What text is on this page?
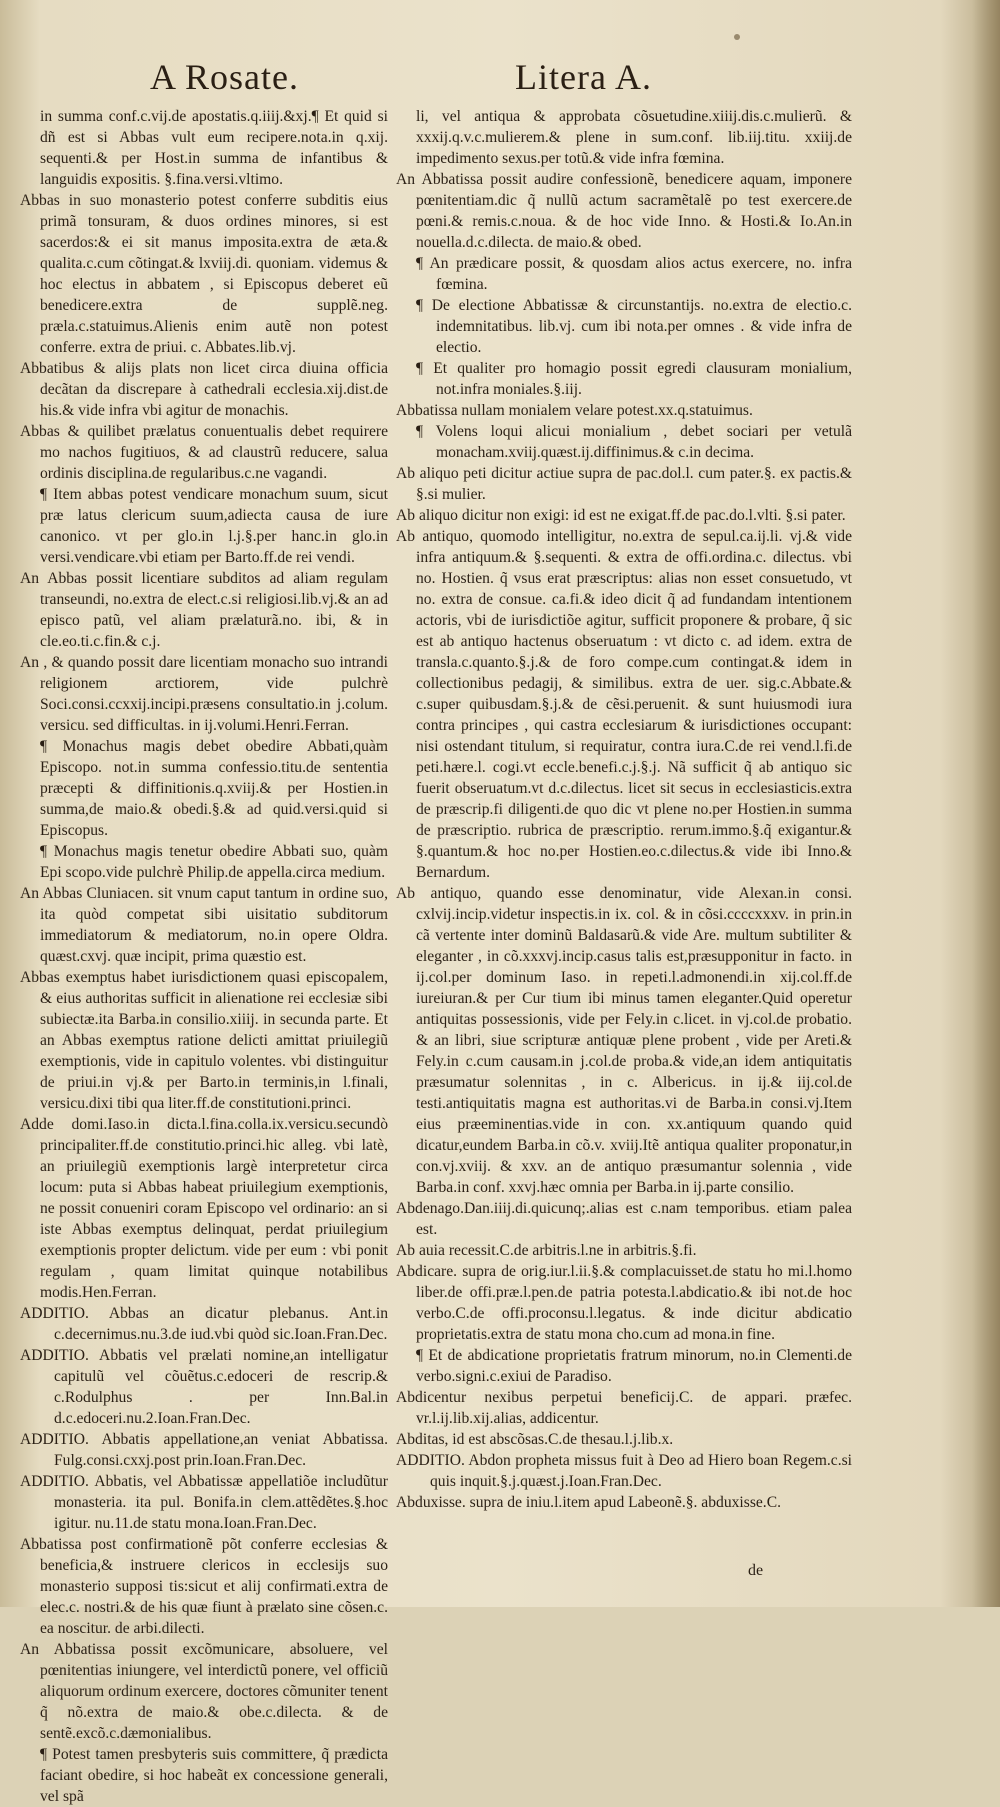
A Rosate.	Litera A.

in summa conf.c.vij.de apostatis.q.iiij.&xj.¶ Et quid si dñ est si Abbas vult eum recipere.nota.in q.xij. sequenti.& per Host.in summa de infantibus & languidis expositis. §.fina.versi.vltimo.

Abbas in suo monasterio potest conferre subditis eius primã tonsuram, & duos ordines minores, si est sacerdos:& ei sit manus imposita.extra de ætа.& qualita.c.cum cõtingat.& lxviij.di. quoniam. videmus & hoc electus in abbatem , si Episcopus deberet eũ benedicere.extra de supplẽ.neg. præla.c.statuimus.Alienis enim autẽ non potest conferre. extra de priui. c. Abbates.lib.vj.

Abbatibus & alijs plats non licet circa diuina officia decãtan da discrepare à cathedrali ecclesia.xij.dist.de his.& vide infra vbi agitur de monachis.

Abbas & quilibet prælatus conuentualis debet requirere mo nachos fugitiuos, & ad claustrũ reducere, salua ordinis disciplina.de regularibus.c.ne vagandi.

¶ Item abbas potest vendicare monachum suum, sicut præ latus clericum suum,adiecta causa de iure canonico. vt per glo.in l.j.§.per hanc.in glo.in versi.vendicare.vbi etiam per Barto.ff.de rei vendi.

An Abbas possit licentiare subditos ad aliam regulam transeundi, no.extra de elect.c.si religiosi.lib.vj.& an ad episco patũ, vel aliam prælaturã.no. ibi, & in cle.eo.ti.c.fin.& c.j.

An , & quando possit dare licentiam monacho suo intrandi religionem arctiorem, vide pulchrè Soci.consi.ccxxij.incipi.præsens consultatio.in j.colum. versicu. sed difficultas. in ij.volumi.Henri.Ferran.

¶ Monachus magis debet obedire Abbati,quàm Episcopo. not.in summa confessio.titu.de sententia præcepti & diffinitionis.q.xviij.& per Hostien.in summa,de maio.& obedi.§.& ad quid.versi.quid si Episcopus.

¶ Monachus magis tenetur obedire Abbati suo, quàm Epi scopo.vide pulchrè Philip.de appella.circa medium.

An Abbas Cluniacen. sit vnum caput tantum in ordine suo, ita quòd competat sibi uisitatio subditorum immediatorum & mediatorum, no.in opere Oldra. quæst.cxvj. quæ incipit, prima quæstio est.

Abbas exemptus habet iurisdictionem quasi episcopalem, & eius authoritas sufficit in alienatione rei ecclesiæ sibi subiectæ.ita Barba.in consilio.xiiij. in secunda parte. Et an Abbas exemptus ratione delicti amittat priuilegiũ exemptionis, vide in capitulo volentes. vbi distinguitur de priui.in vj.& per Barto.in terminis,in l.finali, versicu.dixi tibi qua liter.ff.de constitutioni.princi.

Adde domi.Iaso.in dicta.l.fina.colla.ix.versicu.secundò principaliter.ff.de constitutio.princi.hic alleg. vbi latè, an priuilegiũ exemptionis largè interpretetur circa locum: puta si Abbas habeat priuilegium exemptionis, ne possit conueniri coram Episcopo vel ordinario: an si iste Abbas exemptus delinquat, perdat priuilegium exemptionis propter delictum. vide per eum : vbi ponit regulam , quam limitat quinque notabilibus modis.Hen.Ferran.

ADDITIO. Abbas an dicatur plebanus. Ant.in c.decernimus.nu.3.de iud.vbi quòd sic.Ioan.Fran.Dec.

ADDITIO. Abbatis vel prælati nomine,an intelligatur capitulũ vel cõuẽtus.c.edoceri de rescrip.& c.Rodulphus . per Inn.Bal.in d.c.edoceri.nu.2.Ioan.Fran.Dec.

ADDITIO. Abbatis appellatione,an veniat Abbatissa. Fulg.consi.cxxj.post prin.Ioan.Fran.Dec.

ADDITIO. Abbatis, vel Abbatissæ appellatiõe includũtur monasteria. ita pul. Bonifa.in clem.attẽdẽtes.§.hoc igitur. nu.11.de statu mona.Ioan.Fran.Dec.

Abbatissa post confirmationẽ põt conferre ecclesias & beneficia,& instruere clericos in ecclesijs suo monasterio supposi tis:sicut et alij confirmati.extra de elec.c. nostri.& de his quæ fiunt à prælato sine cõsen.c. ea noscitur. de arbi.dilecti.

An Abbatissa possit excõmunicare, absoluere, vel pœnitentias iniungere, vel interdictũ ponere, vel officiũ aliquorum ordinum exercere, doctores cõmuniter tenent q̃ nõ.extra de maio.& obe.c.dilecta. & de sentẽ.excõ.c.dæmonialibus.

¶ Potest tamen presbyteris suis committere, q̃ prædicta faciant obedire, si hoc habeãt ex concessione generali, vel spã

li, vel antiqua & approbata cõsuetudine.xiiij.dis.c.mulierũ. & xxxij.q.v.c.mulierem.& plene in sum.conf. lib.iij.titu. xxiij.de impedimento sexus.per totũ.& vide infra fœmina.

An Abbatissa possit audire confessionẽ, benedicere aquam, imponere pœnitentiam.dic q̃ nullũ actum sacramẽtalẽ po test exercere.de pœni.& remis.c.noua. & de hoc vide Inno. & Hosti.& Io.An.in nouella.d.c.dilecta. de maio.& obed.

¶ An prædicare possit, & quosdam alios actus exercere, no. infra fœmina.

¶ De electione Abbatissæ & circunstantijs. no.extra de electio.c. indemnitatibus. lib.vj. cum ibi nota.per omnes . & vide infra de electio.

¶ Et qualiter pro homagio possit egredi clausuram monialium, not.infra moniales.§.iij.

Abbatissa nullam monialem velare potest.xx.q.statuimus.

¶ Volens loqui alicui monialium , debet sociari per vetulã monacham.xviij.quæst.ij.diffinimus.& c.in decima.

Ab aliquo peti dicitur actiue supra de pac.dol.l. cum pater.§. ex pactis.& §.si mulier.

Ab aliquo dicitur non exigi: id est ne exigat.ff.de pac.do.l.vlti. §.si pater.

Ab antiquo, quomodo intelligitur, no.extra de sepul.ca.ij.li. vj.& vide infra antiquum.& §.sequenti. & extra de offi.ordina.c. dilectus. vbi no. Hostien. q̃ vsus erat præscriptus: alias non esset consuetudo, vt no. extra de consue. ca.fi.& ideo dicit q̃ ad fundandam intentionem actoris, vbi de iurisdictiõe agitur, sufficit proponere & probare, q̃ sic est ab antiquo hactenus obseruatum : vt dicto c. ad idem. extra de transla.c.quanto.§.j.& de foro compe.cum contingat.& idem in collectionibus pedagij, & similibus. extra de uer. sig.c.Abbate.& c.super quibusdam.§.j.& de cẽsi.peruenit. & sunt huiusmodi iura contra principes , qui castra ecclesiarum & iurisdictiones occupant: nisi ostendant titulum, si requiratur, contra iura.C.de rei vend.l.fi.de peti.hære.l. cogi.vt eccle.benefi.c.j.§.j. Nã sufficit q̃ ab antiquo sic fuerit obseruatum.vt d.c.dilectus. licet sit secus in ecclesiasticis.extra de præscrip.fi diligenti.de quo dic vt plene no.per Hostien.in summa de præscriptio. rubrica de præscriptio. rerum.immo.§.q̃ exigantur.& §.quantum.& hoc no.per Hostien.eo.c.dilectus.& vide ibi Inno.& Bernardum.

Ab antiquo, quando esse denominatur, vide Alexan.in consi. cxlvij.incip.videtur inspectis.in ix. col. & in cõsi.ccccxxxv. in prin.in cã vertente inter dominũ Baldasarũ.& vide Are. multum subtiliter & eleganter , in cõ.xxxvj.incip.casus talis est,præsupponitur in facto. in ij.col.per dominum Iaso. in repeti.l.admonendi.in xij.col.ff.de iureiuran.& per Cur tium ibi minus tamen eleganter.Quid operetur antiquitas possessionis, vide per Fely.in c.licet. in vj.col.de probatio. & an libri, siue scripturæ antiquæ plene probent , vide per Areti.& Fely.in c.cum causam.in j.col.de proba.& vide,an idem antiquitatis præsumatur solennitas , in c. Albericus. in ij.& iij.col.de testi.antiquitatis magna est authoritas.vi de Barba.in consi.vj.Item eius præeminentias.vide in con. xx.antiquum quando quid dicatur,eundem Barba.in cõ.v. xviij.Itẽ antiqua qualiter proponatur,in con.vj.xviij. & xxv. an de antiquo præsumantur solennia , vide Barba.in conf. xxvj.hæc omnia per Barba.in ij.parte consilio.

Abdenago.Dan.iiij.di.quicunq;.alias est c.nam temporibus. etiam palea est.

Ab auia recessit.C.de arbitris.l.ne in arbitris.§.fi.

Abdicare. supra de orig.iur.l.ii.§.& complacuisset.de statu ho mi.l.homo liber.de offi.præ.l.pen.de patria potesta.l.abdicatio.& ibi not.de hoc verbo.C.de offi.proconsu.l.legatus. & inde dicitur abdicatio proprietatis.extra de statu mona cho.cum ad mona.in fine.

¶ Et de abdicatione proprietatis fratrum minorum, no.in Clementi.de verbo.signi.c.exiui de Paradiso.

Abdicentur nexibus perpetui beneficij.C. de appari. præfec. vr.l.ij.lib.xij.alias, addicentur.

Abditas, id est abscõsas.C.de thesau.l.j.lib.x.

ADDITIO. Abdon propheta missus fuit à Deo ad Hiero boan Regem.c.si quis inquit.§.j.quæst.j.Ioan.Fran.Dec.

Abduxisse. supra de iniu.l.item apud Labeonẽ.§. abduxisse.C.

de
